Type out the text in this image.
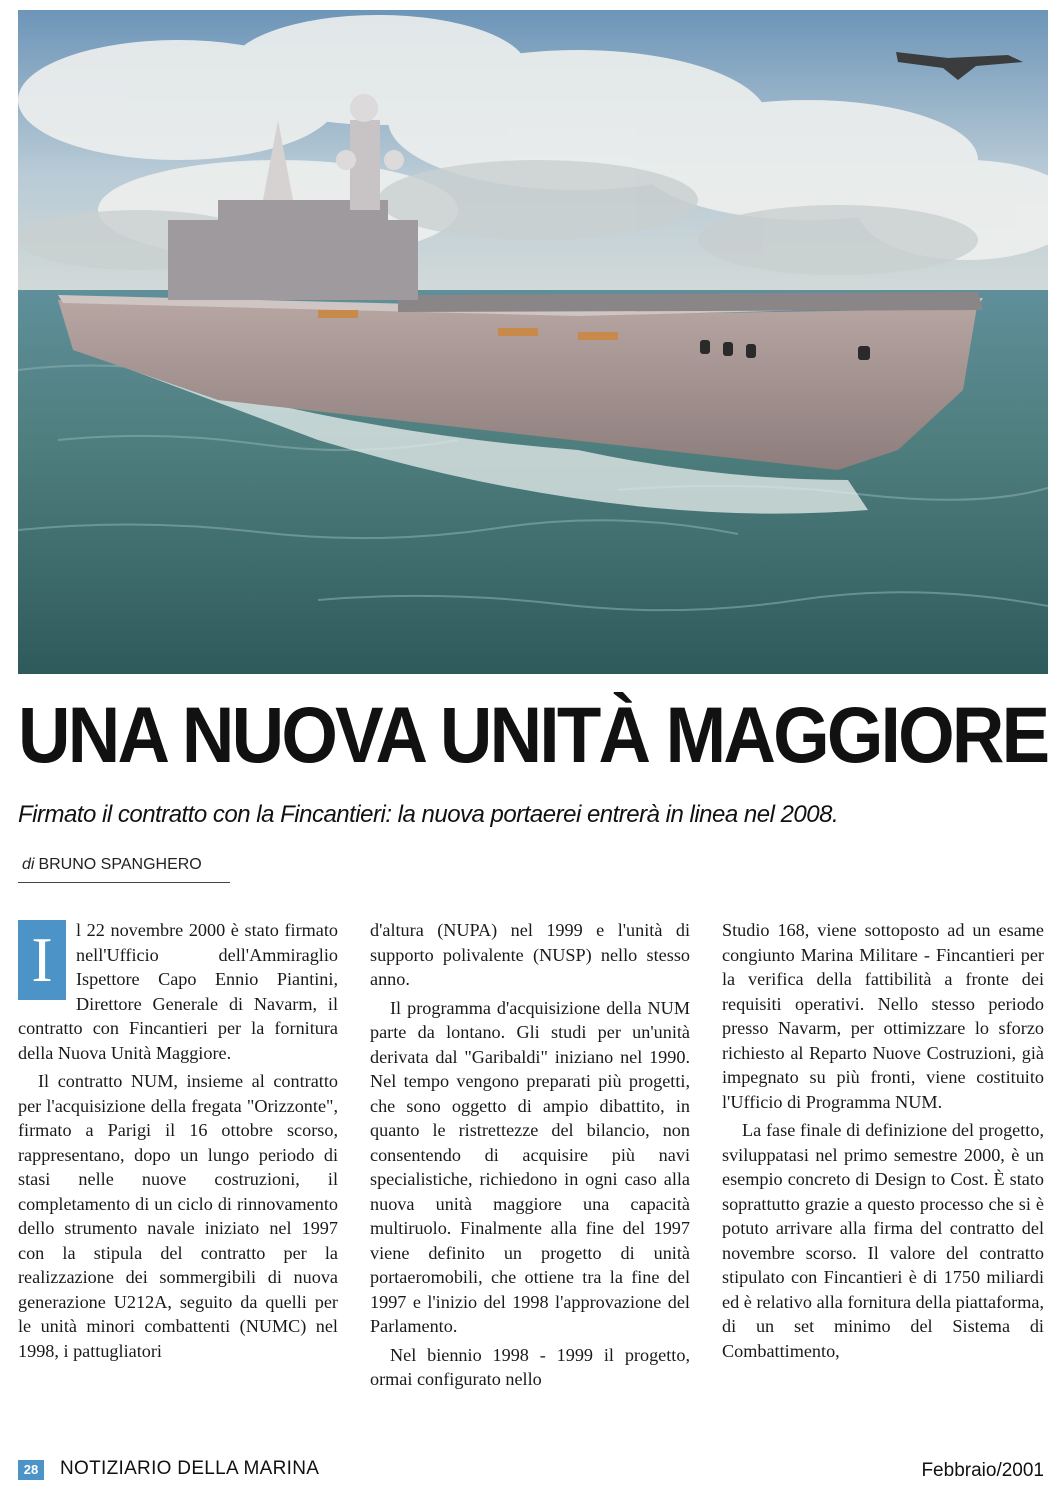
UNA NUOVA UNITÀ MAGGIORE
Firmato il contratto con la Fincantieri: la nuova portaerei entrerà in linea nel 2008.
di BRUNO SPANGHERO

I	l 22 novembre 2000 è stato firmato nell'Ufficio dell'Ammiraglio Ispettore Capo Ennio Piantini, Direttore Generale di Navarm, il contratto con Fincantieri per la fornitura della Nuova Unità Maggiore.

Il contratto NUM, insieme al contratto per l'acquisizione della fregata "Orizzonte", firmato a Parigi il 16 ottobre scorso, rappresentano, dopo un lungo periodo di stasi nelle nuove costruzioni, il completamento di un ciclo di rinnovamento dello strumento navale iniziato nel 1997 con la stipula del contratto per la realizzazione dei sommergibili di nuova generazione U212A, seguito da quelli per le unità minori combattenti (NUMC) nel 1998, i pattugliatori

d'altura (NUPA) nel 1999 e l'unità di supporto polivalente (NUSP) nello stesso anno.

Il programma d'acquisizione della NUM parte da lontano. Gli studi per un'unità derivata dal "Garibaldi" iniziano nel 1990. Nel tempo vengono preparati più progetti, che sono oggetto di ampio dibattito, in quanto le ristrettezze del bilancio, non consentendo di acquisire più navi specialistiche, richiedono in ogni caso alla nuova unità maggiore una capacità multiruolo. Finalmente alla fine del 1997 viene definito un progetto di unità portaeromobili, che ottiene tra la fine del 1997 e l'inizio del 1998 l'approvazione del Parlamento.

Nel biennio 1998 - 1999 il progetto, ormai configurato nello

Studio 168, viene sottoposto ad un esame congiunto Marina Militare - Fincantieri per la verifica della fattibilità a fronte dei requisiti operativi. Nello stesso periodo presso Navarm, per ottimizzare lo sforzo richiesto al Reparto Nuove Costruzioni, già impegnato su più fronti, viene costituito l'Ufficio di Programma NUM.

La fase finale di definizione del progetto, sviluppatasi nel primo semestre 2000, è un esempio concreto di Design to Cost. È stato soprattutto grazie a questo processo che si è potuto arrivare alla firma del contratto del novembre scorso. Il valore del contratto stipulato con Fincantieri è di 1750 miliardi ed è relativo alla fornitura della piattaforma, di un set minimo del Sistema di Combattimento,

28	NOTIZIARIO DELLA MARINA	Febbraio/2001
